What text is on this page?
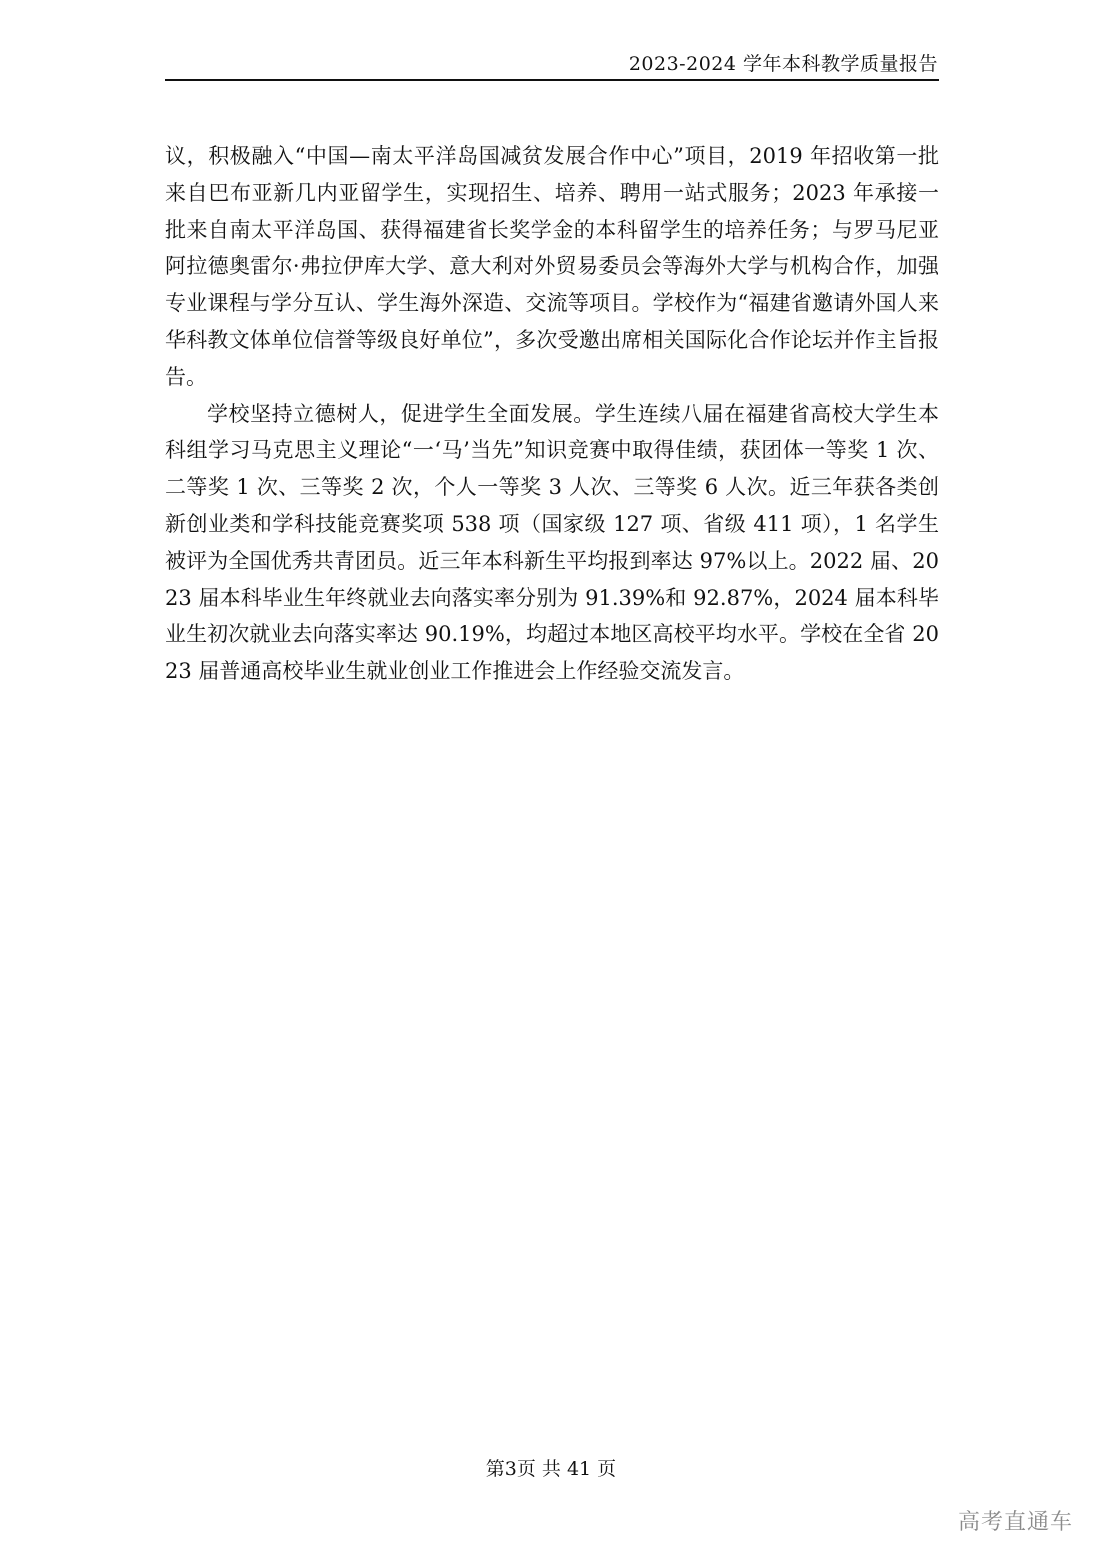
2023-2024 学年本科教学质量报告

议，积极融入“中国—南太平洋岛国减贫发展合作中心”项目，2019 年招收第一批来自巴布亚新几内亚留学生，实现招生、培养、聘用一站式服务；2023 年承接一批来自南太平洋岛国、获得福建省长奖学金的本科留学生的培养任务；与罗马尼亚阿拉德奥雷尔·弗拉伊库大学、意大利对外贸易委员会等海外大学与机构合作，加强专业课程与学分互认、学生海外深造、交流等项目。学校作为“福建省邀请外国人来华科教文体单位信誉等级良好单位”，多次受邀出席相关国际化合作论坛并作主旨报告。

学校坚持立德树人，促进学生全面发展。学生连续八届在福建省高校大学生本科组学习马克思主义理论“一‘马’当先”知识竞赛中取得佳绩，获团体一等奖 1 次、二等奖 1 次、三等奖 2 次，个人一等奖 3 人次、三等奖 6 人次。近三年获各类创新创业类和学科技能竞赛奖项 538 项（国家级 127 项、省级 411 项），1 名学生被评为全国优秀共青团员。近三年本科新生平均报到率达 97%以上。2022 届、2023 届本科毕业生年终就业去向落实率分别为 91.39%和 92.87%，2024 届本科毕业生初次就业去向落实率达 90.19%，均超过本地区高校平均水平。学校在全省 2023 届普通高校毕业生就业创业工作推进会上作经验交流发言。

第3页 共 41 页
高考直通车
